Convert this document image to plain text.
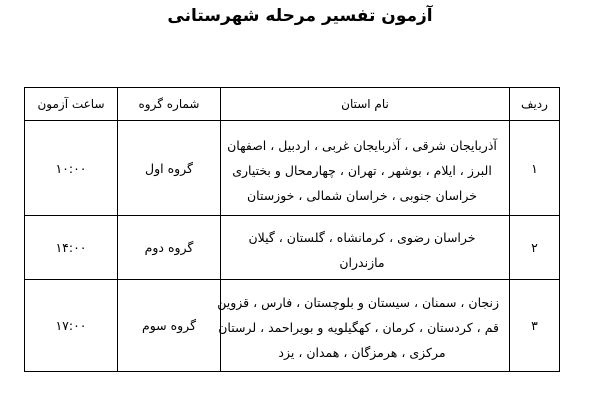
آزمون تفسیر مرحله شهرستانی
ردیف	نام استان	شماره گروه	ساعت آزمون
۱	آذربایجان شرقی ، آذربایجان غربی ، اردبیل ، اصفهان
البرز ، ایلام ، بوشهر ، تهران ، چهارمحال و بختیاری
خراسان جنوبی ، خراسان شمالی ، خوزستان	گروه اول	۱۰:۰۰
۲	خراسان رضوی ، کرمانشاه ، گلستان ، گیلان
مازندران	گروه دوم	۱۴:۰۰
۳	زنجان ، سمنان ، سیستان و بلوچستان ، فارس ، قزوین
قم ، کردستان ، کرمان ، کهگیلویه و بویراحمد ، لرستان
مرکزی ، هرمزگان ، همدان ، یزد	گروه سوم	۱۷:۰۰
